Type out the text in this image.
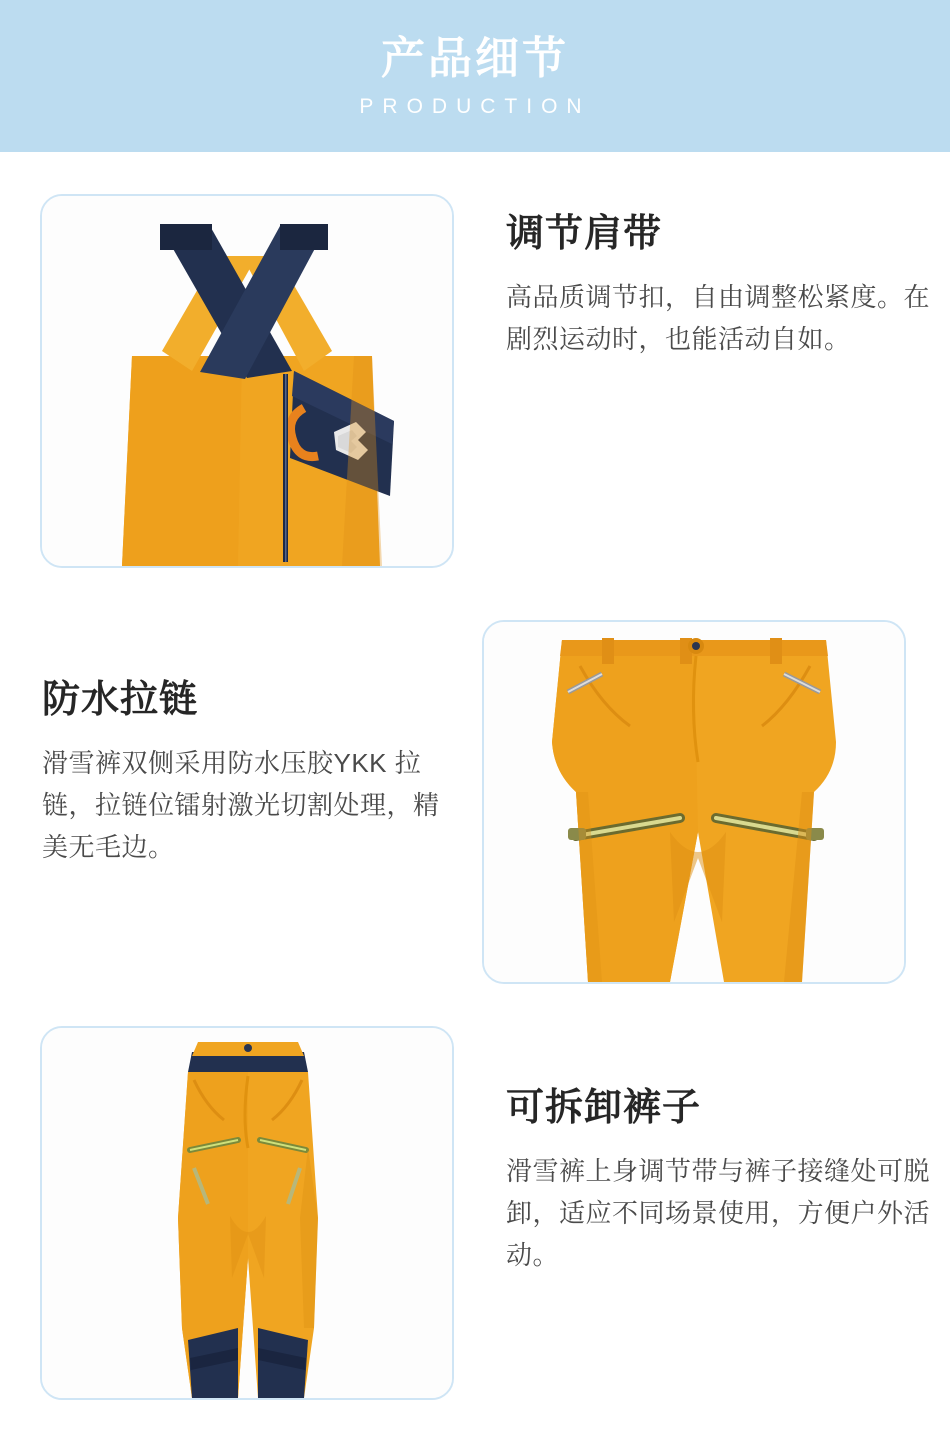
产品细节
PRODUCTION
调节肩带

高品质调节扣，自由调整松紧度。在剧烈运动时，也能活动自如。

防水拉链

滑雪裤双侧采用防水压胶YKK 拉链，拉链位镭射激光切割处理，精美无毛边。

可拆卸裤子

滑雪裤上身调节带与裤子接缝处可脱卸，适应不同场景使用，方便户外活动。
